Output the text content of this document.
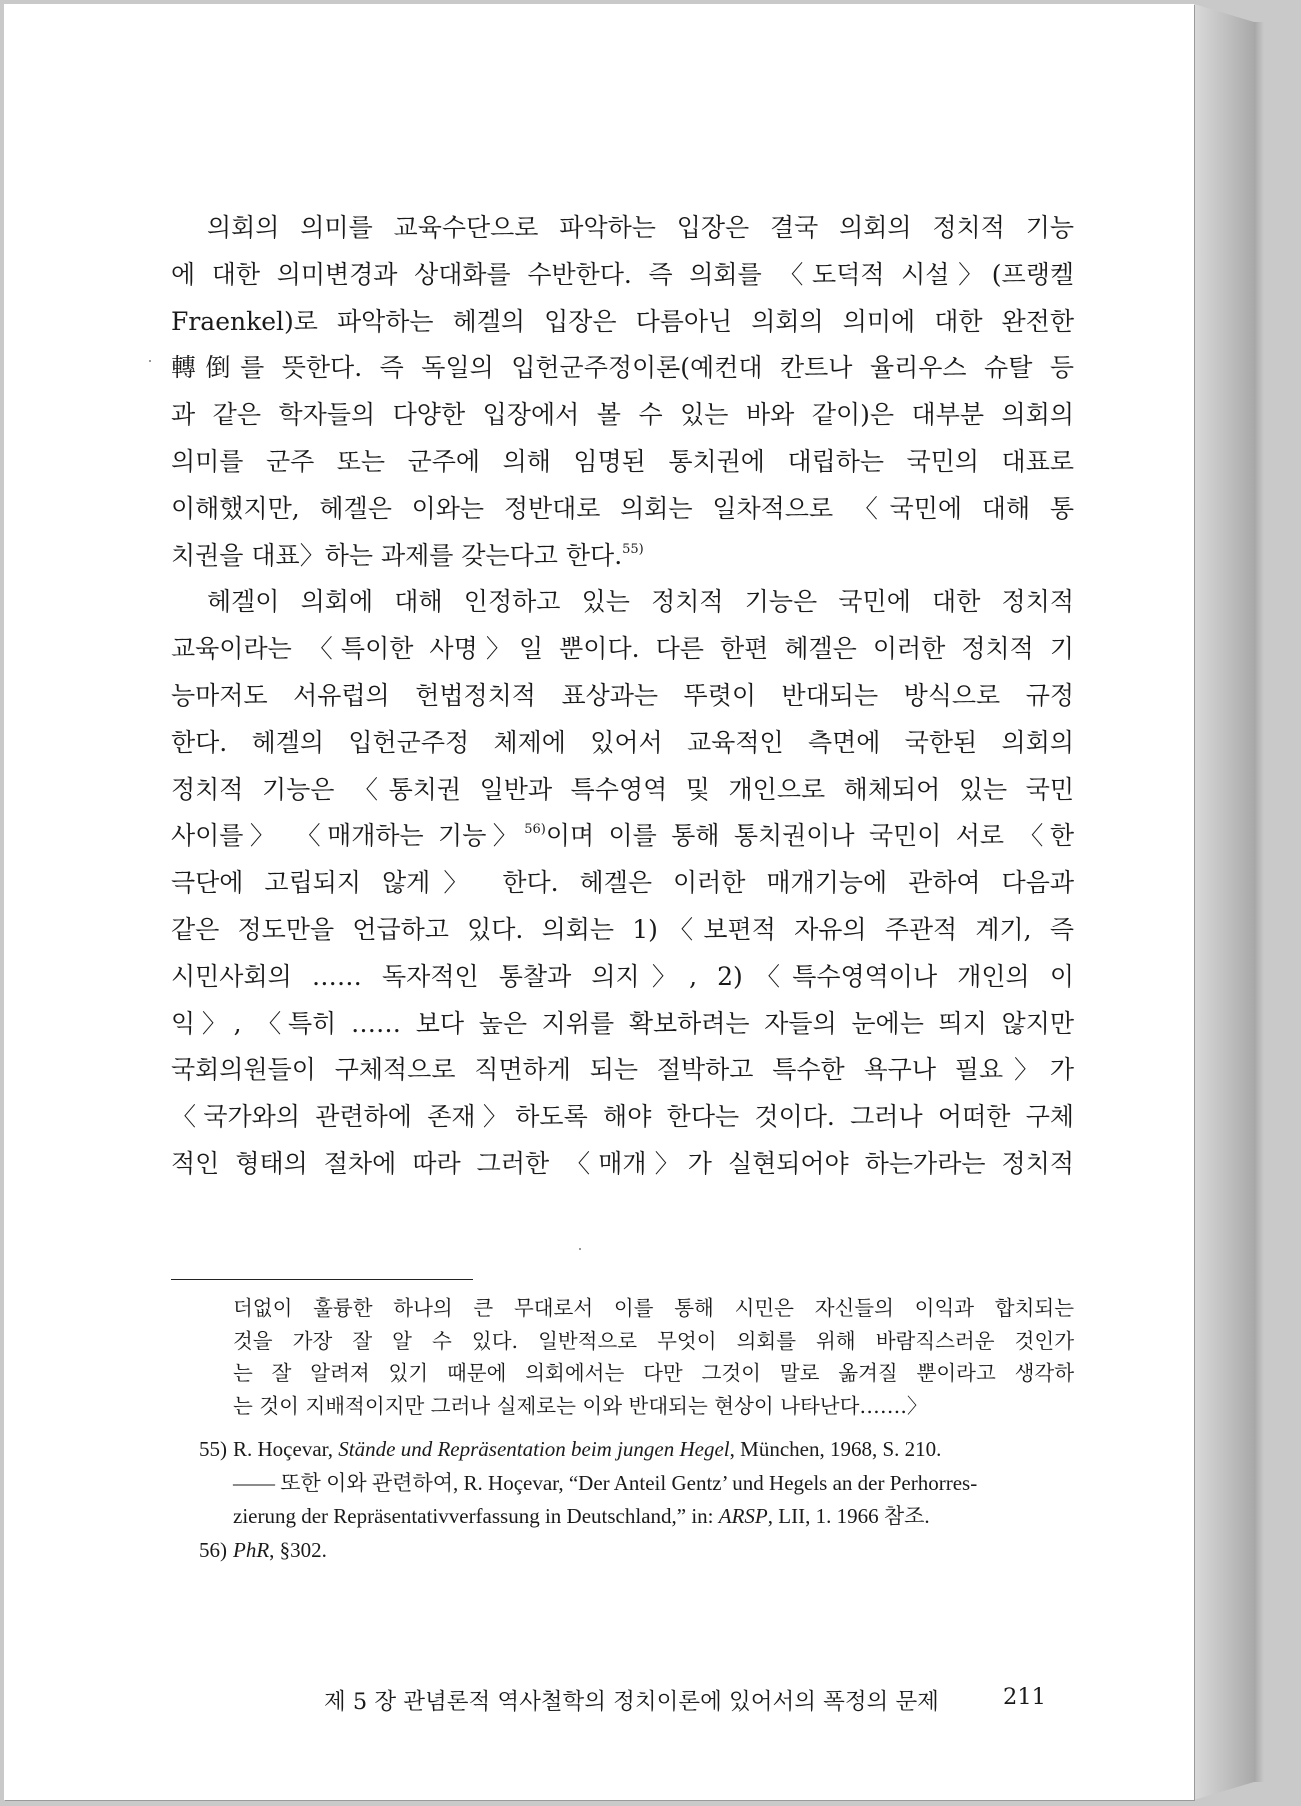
의회의 의미를 교육수단으로 파악하는 입장은 결국 의회의 정치적 기능
에 대한 의미변경과 상대화를 수반한다. 즉 의회를 〈도덕적 시설〉(프랭켈
Fraenkel)로 파악하는 헤겔의 입장은 다름아닌 의회의 의미에 대한 완전한
轉倒를 뜻한다. 즉 독일의 입헌군주정이론(예컨대 칸트나 율리우스 슈탈 등
과 같은 학자들의 다양한 입장에서 볼 수 있는 바와 같이)은 대부분 의회의
의미를 군주 또는 군주에 의해 임명된 통치권에 대립하는 국민의 대표로
이해했지만, 헤겔은 이와는 정반대로 의회는 일차적으로 〈국민에 대해 통
치권을 대표〉하는 과제를 갖는다고 한다.$^{55)}$
헤겔이 의회에 대해 인정하고 있는 정치적 기능은 국민에 대한 정치적
교육이라는 〈특이한 사명〉일 뿐이다. 다른 한편 헤겔은 이러한 정치적 기
능마저도 서유럽의 헌법정치적 표상과는 뚜렷이 반대되는 방식으로 규정
한다. 헤겔의 입헌군주정 체제에 있어서 교육적인 측면에 국한된 의회의
정치적 기능은 〈통치권 일반과 특수영역 및 개인으로 해체되어 있는 국민
사이를〉 〈매개하는 기능〉$^{56)}$이며 이를 통해 통치권이나 국민이 서로 〈한
극단에 고립되지 않게〉 한다. 헤겔은 이러한 매개기능에 관하여 다음과
같은 정도만을 언급하고 있다. 의회는 1)〈보편적 자유의 주관적 계기, 즉
시민사회의 …… 독자적인 통찰과 의지〉, 2)〈특수영역이나 개인의 이
익〉, 〈특히 …… 보다 높은 지위를 확보하려는 자들의 눈에는 띄지 않지만
국회의원들이 구체적으로 직면하게 되는 절박하고 특수한 욕구나 필요〉가
〈국가와의 관련하에 존재〉하도록 해야 한다는 것이다. 그러나 어떠한 구체
적인 형태의 절차에 따라 그러한 〈매개〉가 실현되어야 하는가라는 정치적
더없이 훌륭한 하나의 큰 무대로서 이를 통해 시민은 자신들의 이익과 합치되는
것을 가장 잘 알 수 있다. 일반적으로 무엇이 의회를 위해 바람직스러운 것인가
는 잘 알려져 있기 때문에 의회에서는 다만 그것이 말로 옮겨질 뿐이라고 생각하
는 것이 지배적이지만 그러나 실제로는 이와 반대되는 현상이 나타난다…….〉
55) R. Hoçevar, Stände und Repräsentation beim jungen Hegel, München, 1968, S. 210.
—— 또한 이와 관련하여, R. Hoçevar, “Der Anteil Gentz’ und Hegels an der Perhorres-
zierung der Repräsentativverfassung in Deutschland,” in: ARSP, LII, 1. 1966 참조.
56) PhR, §302.
제 5 장 관념론적 역사철학의 정치이론에 있어서의 폭정의 문제	211
